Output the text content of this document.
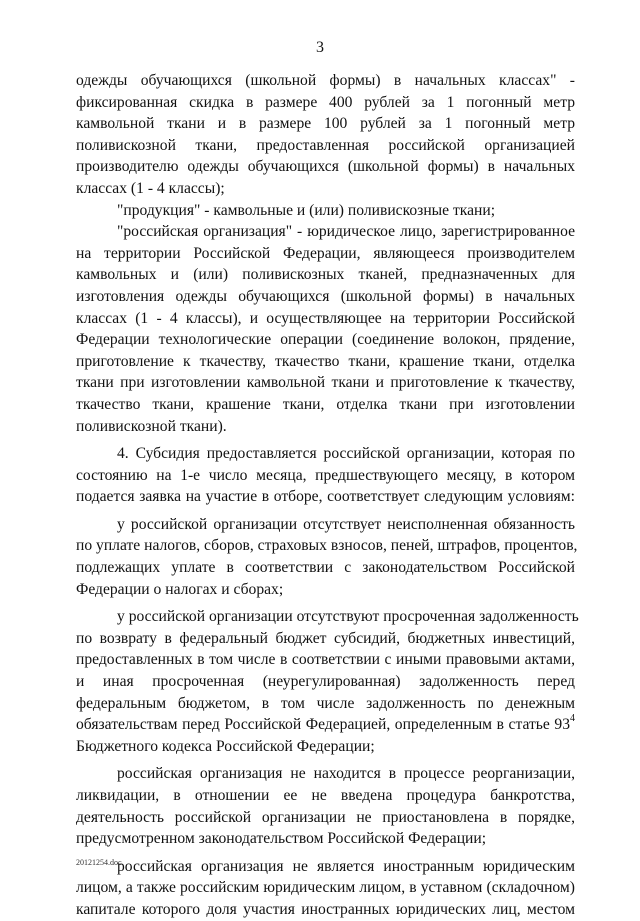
3
одежды обучающихся (школьной формы) в начальных классах" -
фиксированная скидка в размере 400 рублей за 1 погонный метр
камвольной ткани и в размере 100 рублей за 1 погонный метр
поливискозной ткани, предоставленная российской организацией
производителю одежды обучающихся (школьной формы) в начальных
классах (1 - 4 классы);
"продукция" - камвольные и (или) поливискозные ткани;
"российская организация" - юридическое лицо, зарегистрированное
на территории Российской Федерации, являющееся производителем
камвольных и (или) поливискозных тканей, предназначенных для
изготовления одежды обучающихся (школьной формы) в начальных
классах (1 - 4 классы), и осуществляющее на территории Российской
Федерации технологические операции (соединение волокон, прядение,
приготовление к ткачеству, ткачество ткани, крашение ткани, отделка
ткани при изготовлении камвольной ткани и приготовление к ткачеству,
ткачество ткани, крашение ткани, отделка ткани при изготовлении
поливискозной ткани).
4. Субсидия предоставляется российской организации, которая по
состоянию на 1-е число месяца, предшествующего месяцу, в котором
подается заявка на участие в отборе, соответствует следующим условиям:
у российской организации отсутствует неисполненная обязанность
по уплате налогов, сборов, страховых взносов, пеней, штрафов, процентов,
подлежащих уплате в соответствии с законодательством Российской
Федерации о налогах и сборах;
у российской организации отсутствуют просроченная задолженность
по возврату в федеральный бюджет субсидий, бюджетных инвестиций,
предоставленных в том числе в соответствии с иными правовыми актами,
и иная просроченная (неурегулированная) задолженность перед
федеральным бюджетом, в том числе задолженность по денежным
обязательствам перед Российской Федерацией, определенным в статье $93^4$
Бюджетного кодекса Российской Федерации;
российская организация не находится в процессе реорганизации,
ликвидации, в отношении ее не введена процедура банкротства,
деятельность российской организации не приостановлена в порядке,
предусмотренном законодательством Российской Федерации;
российская организация не является иностранным юридическим
лицом, а также российским юридическим лицом, в уставном (складочном)
капитале которого доля участия иностранных юридических лиц, местом
20121254.doc
